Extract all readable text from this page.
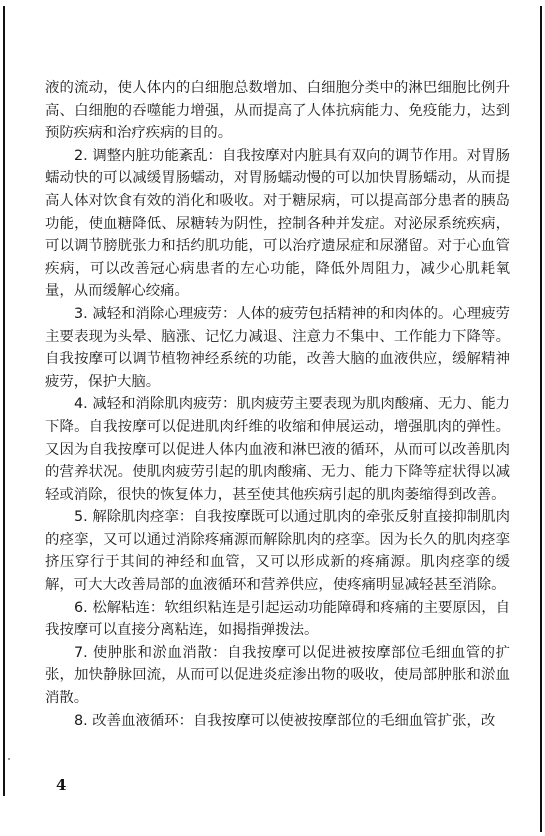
液的流动，使人体内的白细胞总数增加、白细胞分类中的淋巴细胞比例升高、白细胞的吞噬能力增强，从而提高了人体抗病能力、免疫能力，达到预防疾病和治疗疾病的目的。

2. 调整内脏功能紊乱：自我按摩对内脏具有双向的调节作用。对胃肠蠕动快的可以减缓胃肠蠕动，对胃肠蠕动慢的可以加快胃肠蠕动，从而提高人体对饮食有效的消化和吸收。对于糖尿病，可以提高部分患者的胰岛功能，使血糖降低、尿糖转为阴性，控制各种并发症。对泌尿系统疾病，可以调节膀胱张力和括约肌功能，可以治疗遗尿症和尿潴留。对于心血管疾病，可以改善冠心病患者的左心功能，降低外周阻力，减少心肌耗氧量，从而缓解心绞痛。

3. 减轻和消除心理疲劳：人体的疲劳包括精神的和肉体的。心理疲劳主要表现为头晕、脑涨、记忆力减退、注意力不集中、工作能力下降等。自我按摩可以调节植物神经系统的功能，改善大脑的血液供应，缓解精神疲劳，保护大脑。

4. 减轻和消除肌肉疲劳：肌肉疲劳主要表现为肌肉酸痛、无力、能力下降。自我按摩可以促进肌肉纤维的收缩和伸展运动，增强肌肉的弹性。又因为自我按摩可以促进人体内血液和淋巴液的循环，从而可以改善肌肉的营养状况。使肌肉疲劳引起的肌肉酸痛、无力、能力下降等症状得以减轻或消除，很快的恢复体力，甚至使其他疾病引起的肌肉萎缩得到改善。

5. 解除肌肉痉挛：自我按摩既可以通过肌肉的牵张反射直接抑制肌肉的痉挛，又可以通过消除疼痛源而解除肌肉的痉挛。因为长久的肌肉痉挛挤压穿行于其间的神经和血管，又可以形成新的疼痛源。肌肉痉挛的缓解，可大大改善局部的血液循环和营养供应，使疼痛明显减轻甚至消除。

6. 松解粘连：软组织粘连是引起运动功能障碍和疼痛的主要原因，自我按摩可以直接分离粘连，如揭指弹拨法。

7. 使肿胀和淤血消散：自我按摩可以促进被按摩部位毛细血管的扩张，加快静脉回流，从而可以促进炎症渗出物的吸收，使局部肿胀和淤血消散。

8. 改善血液循环：自我按摩可以使被按摩部位的毛细血管扩张，改

4
